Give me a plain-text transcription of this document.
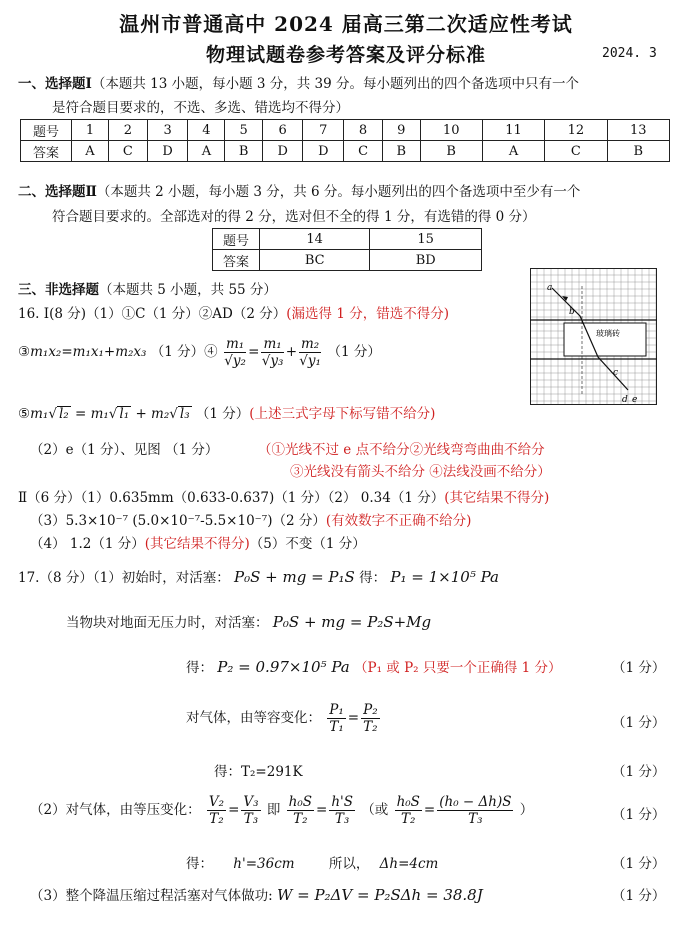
温州市普通高中 2024 届高三第二次适应性考试
物理试题卷参考答案及评分标准	2024. 3
一、选择题Ⅰ（本题共 13 小题，每小题 3 分，共 39 分。每小题列出的四个备选项中只有一个
是符合题目要求的，不选、多选、错选均不得分）
题号	1	2	3	4	5	6	7	8	9	10	11	12	13
答案	A	C	D	A	B	D	D	C	B	B	A	C	B
二、选择题Ⅱ（本题共 2 小题，每小题 3 分，共 6 分。每小题列出的四个备选项中至少有一个
符合题目要求的。全部选对的得 2 分，选对但不全的得 1 分，有选错的得 0 分）
题号	14	15
答案	BC	BD
三、非选择题（本题共 5 小题，共 55 分）
玻璃砖
a
b
c
d e
16. Ⅰ(8 分)（1）①C（1 分）②AD（2 分）(漏选得 1 分，错选不得分)
③m₁x₂=m₁x₁+m₂x₃ （1 分）④ $\frac{\text{m₁}}{\text{√y₂}} = \frac{\text{m₁}}{\text{√y₃}} + \frac{\text{m₂}}{\text{√y₁}} (1$ 分）
⑤m₁√ l₂ = m₁√ l₁ + m₂√ l₃ （1 分）(上述三式字母下标写错不给分)
（2）e（1 分）、见图 （1 分）	（①光线不过 e 点不给分②光线弯弯曲曲不给分
③光线没有箭头不给分 ④法线没画不给分）
Ⅱ（6 分）（1）0.635mm（0.633-0.637)（1 分）（2） 0.34（1 分）(其它结果不得分)
（3）5.3×10⁻⁷ (5.0×10⁻⁷-5.5×10⁻⁷)（2 分）(有效数字不正确不给分)
（4） 1.2（1 分）(其它结果不得分)（5）不变（1 分）
17.（8 分）（1）初始时，对活塞： P₀S + mg = P₁S 得： P₁ = 1×10⁵ Pa
当物块对地面无压力时，对活塞： P₀S + mg = P₂S+Mg
得： P₂ = 0.97×10⁵ Pa （P₁ 或 P₂ 只要一个正确得 1 分）	（1 分）
对气体，由等容变化： $\frac{\text{P₁}}{\text{T₁}} = \frac{\text{P₂}}{\text{T₂}}$	（1 分）
得：T₂=291K	（1 分）
（2）对气体，由等压变化： $\frac{\text{V₂}}{\text{T₂}} = \frac{\text{V₃}}{\text{T₃}}$ 即 $\frac{\text{h₀S}}{\text{T₂}} = \frac{h'S}{\text{T₃}}$ （或 $\frac{\text{h₀S}}{\text{T₂}} = \frac{\text{(h₀ − Δh)S}}{\text{T₃}}$ ）	（1 分）
得： h'=36cm	所以， Δh=4cm	（1 分）
（3）整个降温压缩过程活塞对气体做功: W = P₂ΔV = P₂SΔh = 38.8J	（1 分）
